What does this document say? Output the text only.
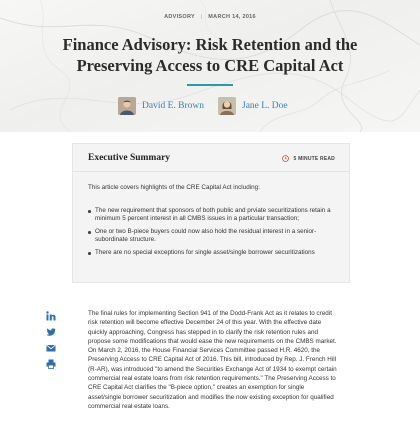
ADVISORY | MARCH 14, 2016
Finance Advisory: Risk Retention and the Preserving Access to CRE Capital Act
David E. Brown	Jane L. Doe
Executive Summary	5 MINUTE READ

This article covers highlights of the CRE Capital Act including:

The new requirement that sponsors of both public and prviate securitizations retain a minimum 5 percent interest in all CMBS issues in a particular transaction;
One or two B-piece buyers could now also hold the residual interest in a senior-subordinate structure.
There are no special exceptions for single asset/single borrower securitizations

The final rules for implementing Section 941 of the Dodd-Frank Act as it relates to credit risk retention will become effective December 24 of this year. With the effective date quickly approaching, Congress has stepped in to clarify the risk retention rules and propose some modifications that would ease the new requirements on the CMBS market. On March 2, 2016, the House Financial Services Committee passed H.R. 4620, the Preserving Access to CRE Capital Act of 2016. This bill, introduced by Rep. J. French Hill (R-AR), was introduced "to amend the Securities Exchange Act of 1934 to exempt certain commercial real estate loans from risk retention requirements." The Preserving Access to CRE Capital Act clarifies the "B-piece option," creates an exemption for single asset/single borrower securitization and modifies the now existing exception for qualified commercial real estate loans.
